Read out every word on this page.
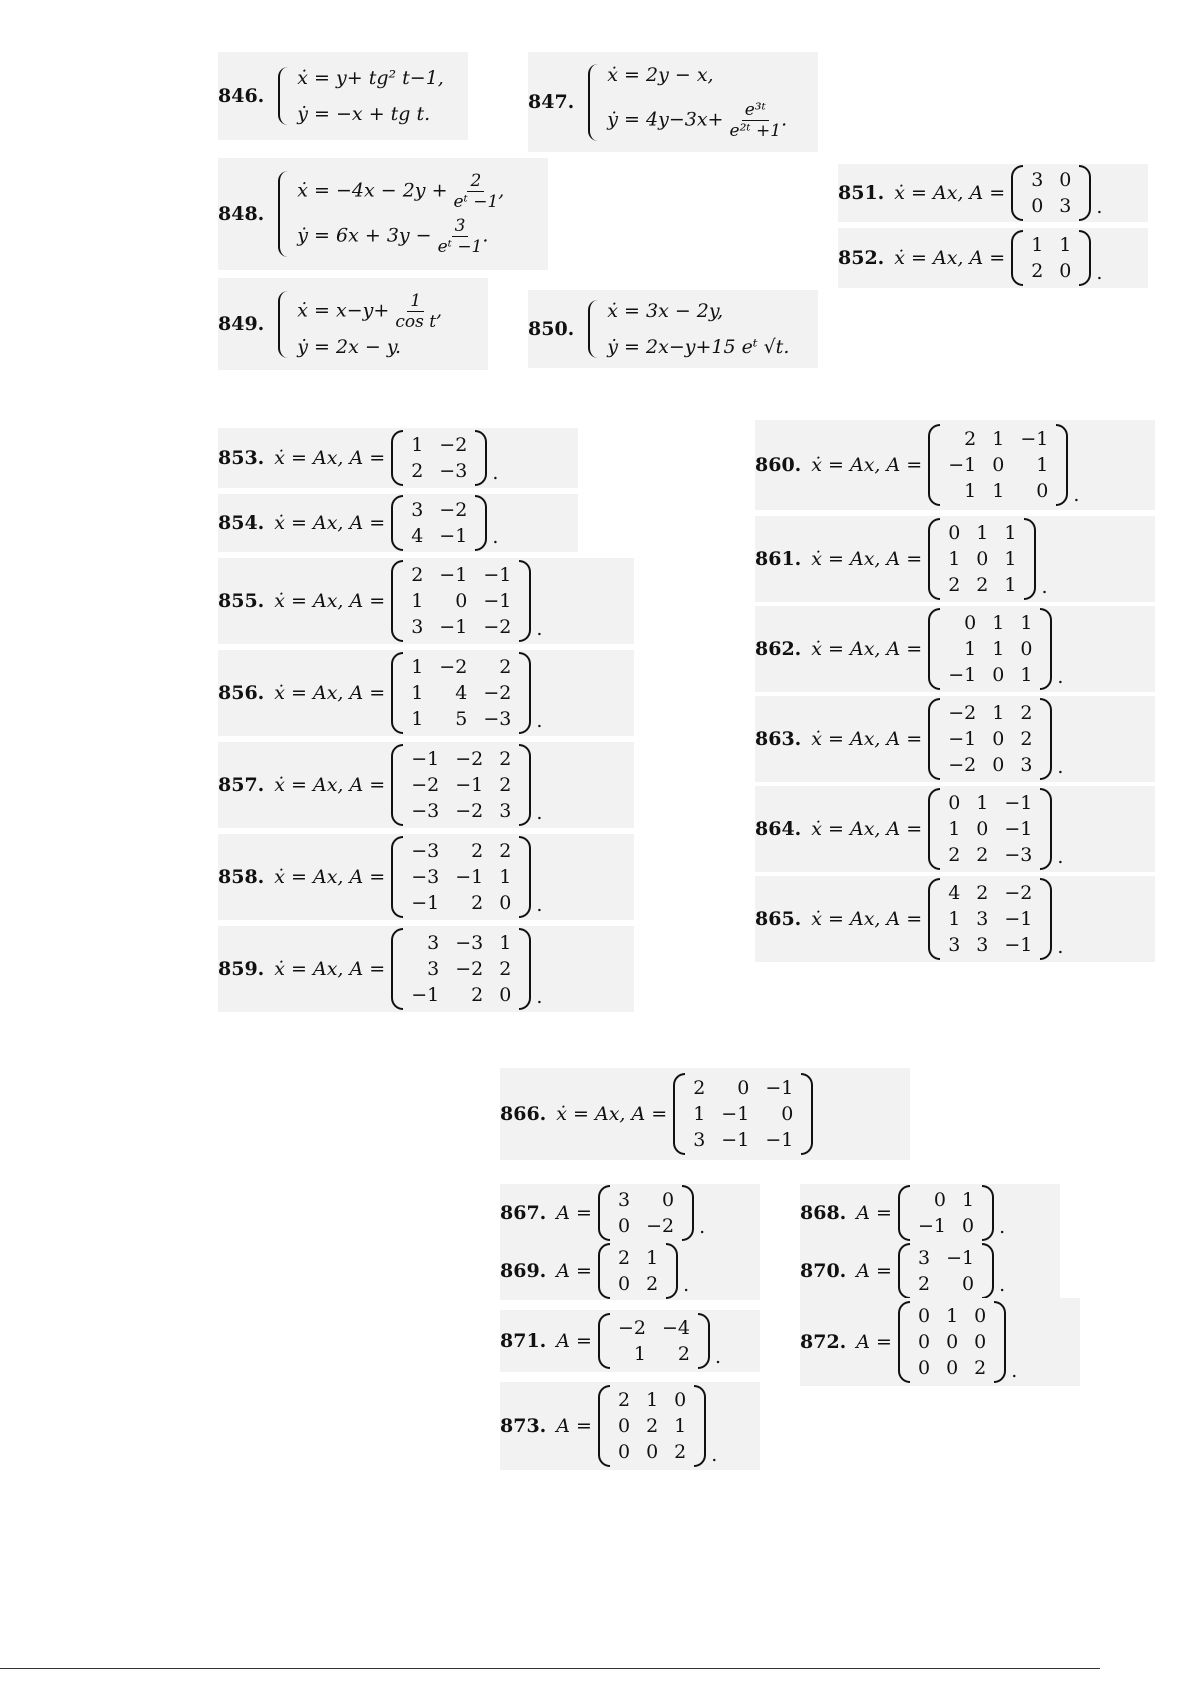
846.
ẋ = y+ tg² t−1,
ẏ = −x + tg t.
847.
ẋ = 2y − x,
ẏ = $4y-3x+ \frac{\text{e³ᵗ}}{\text{e²ᵗ +1}}$ .
848.
ẋ = $-4x - 2y + \frac{2}{\text{eᵗ −1}}$ ,
ẏ = $6x + 3y - \frac{3}{\text{eᵗ −1}}$ .
849.
ẋ = $x-y+ \frac{1}{\text{cos t}}$ ,
ẏ = 2x − y.
850.
ẋ = 3x − 2y,
ẏ = 2x−y+15 eᵗ √t.
851. ẋ = Ax, A =
3 0
0 3 .
852. ẋ = Ax, A =
1 1
2 0 .
853. ẋ = Ax, A =
1 −2
2 −3 .
854. ẋ = Ax, A =
3 −2
4 −1 .
855. ẋ = Ax, A =
2 −1 −1
1	0 −1
3 −1 −2 .
856. ẋ = Ax, A =
1 −2	2
1	4 −2
1	5 −3 .
857. ẋ = Ax, A =
−1 −2 2
−2 −1 2
−3 −2 3 .
858. ẋ = Ax, A =
−3	2 2
−3 −1 1
−1	2 0 .
859. ẋ = Ax, A =
3 −3 1
3 −2 2
−1	2 0 .
860. ẋ = Ax, A =
2 1 −1
−1 0	1
1 1	0 .
861. ẋ = Ax, A =
0 1 1
1 0 1
2 2 1 .
862. ẋ = Ax, A =
0 1 1
1 1 0
−1 0 1 .
863. ẋ = Ax, A =
−2 1 2
−1 0 2
−2 0 3 .
864. ẋ = Ax, A =
0 1 −1
1 0 −1
2 2 −3 .
865. ẋ = Ax, A =
4 2 −2
1 3 −1
3 3 −1 .
866. ẋ = Ax, A =
2	0 −1
1 −1	0
3 −1 −1
867. A =
3	0
0 −2 .
868. A =
0 1
−1 0 .
869. A =
2 1
0 2 .
870. A =
3 −1
2	0 .
871. A =
−2 −4
1	2 .
872. A =
0 1 0
0 0 0
0 0 2 .
873. A =
2 1 0
0 2 1
0 0 2 .
